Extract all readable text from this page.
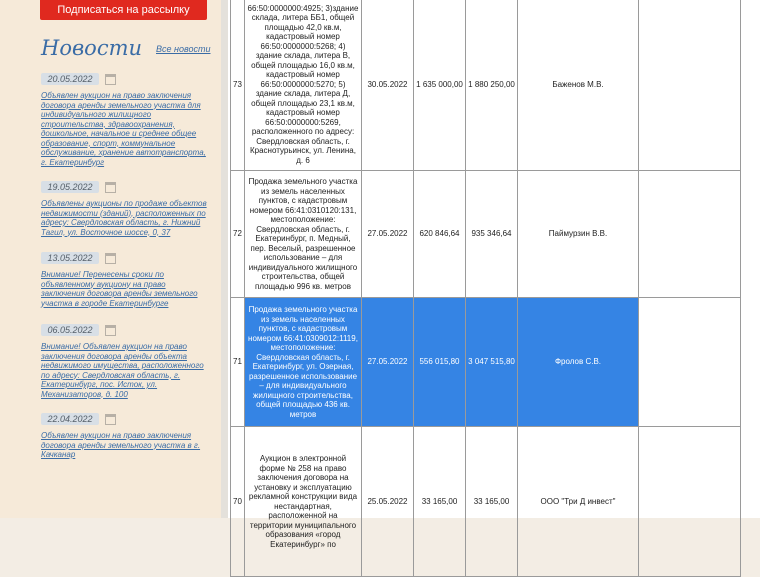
Подписаться на рассылку
Новости Все новости
20.05.2022
Объявлен аукцион на право заключения договора аренды земельного участка для индивидуального жилищного строительства, здравоохранения, дошкольное, начальное и среднее общее образование, спорт, коммунальное обслуживание, хранение автотранспорта, г. Екатеринбург
19.05.2022
Объявлены аукционы по продаже объектов недвижимости (зданий), расположенных по адресу: Свердловская область, г. Нижний Тагил, ул. Восточное шоссе, 0, 37
13.05.2022
Внимание! Перенесены сроки по объявленному аукциону на право заключения договора аренды земельного участка в городе Екатеринбурге
06.05.2022
Внимание! Объявлен аукцион на право заключения договора аренды объекта недвижимого имущества, расположенного по адресу: Свердловская область, г. Екатеринбург, пос. Исток, ул. Механизаторов, д. 100
22.04.2022
Объявлен аукцион на право заключения договора аренды земельного участка в г. Качканар
73	66:50:0000000:4925; 3)здание склада, литера ББ1, общей площадью 42,0 кв.м, кадастровый номер 66:50:0000000:5268; 4) здание склада, литера В, общей площадью 16,0 кв.м, кадастровый номер 66:50:0000000:5270; 5) здание склада, литера Д, общей площадью 23,1 кв.м, кадастровый номер 66:50:0000000:5269, расположенного по адресу: Свердловская область, г. Краснотурьинск, ул. Ленина, д. 6	30.05.2022	1 635 000,00	1 880 250,00	Баженов М.В.	
72	Продажа земельного участка из земель населенных пунктов, с кадастровым номером 66:41:0310120:131, местоположение: Свердловская область, г. Екатеринбург, п. Медный, пер. Веселый, разрешенное использование – для индивидуального жилищного строительства, общей площадью 996 кв. метров	27.05.2022	620 846,64	935 346,64	Паймурзин В.В.	
71	Продажа земельного участка из земель населенных пунктов, с кадастровым номером 66:41:0309012:1119, местоположение: Свердловская область, г. Екатеринбург, ул. Озерная, разрешенное использование – для индивидуального жилищного строительства, общей площадью 436 кв. метров	27.05.2022	556 015,80	3 047 515,80	Фролов С.В.	
70	Аукцион в электронной форме № 258 на право заключения договора на установку и эксплуатацию рекламной конструкции вида нестандартная, расположенной на территории муниципального образования «город Екатеринбург» по	25.05.2022	33 165,00	33 165,00	ООО "Три Д инвест"	
